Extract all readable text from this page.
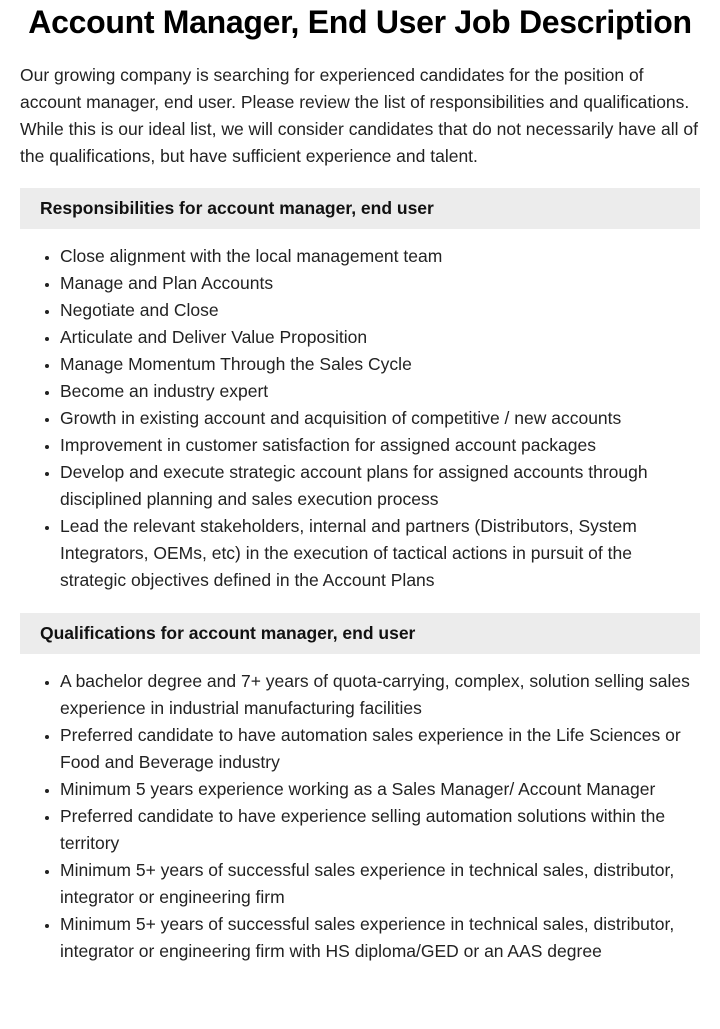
Account Manager, End User Job Description

Our growing company is searching for experienced candidates for the position of account manager, end user. Please review the list of responsibilities and qualifications. While this is our ideal list, we will consider candidates that do not necessarily have all of the qualifications, but have sufficient experience and talent.

Responsibilities for account manager, end user
• Close alignment with the local management team
• Manage and Plan Accounts
• Negotiate and Close
• Articulate and Deliver Value Proposition
• Manage Momentum Through the Sales Cycle
• Become an industry expert
• Growth in existing account and acquisition of competitive / new accounts
• Improvement in customer satisfaction for assigned account packages
• Develop and execute strategic account plans for assigned accounts through disciplined planning and sales execution process
• Lead the relevant stakeholders, internal and partners (Distributors, System Integrators, OEMs, etc) in the execution of tactical actions in pursuit of the strategic objectives defined in the Account Plans
Qualifications for account manager, end user
• A bachelor degree and 7+ years of quota-carrying, complex, solution selling sales experience in industrial manufacturing facilities
• Preferred candidate to have automation sales experience in the Life Sciences or Food and Beverage industry
• Minimum 5 years experience working as a Sales Manager/ Account Manager
• Preferred candidate to have experience selling automation solutions within the territory
• Minimum 5+ years of successful sales experience in technical sales, distributor, integrator or engineering firm
• Minimum 5+ years of successful sales experience in technical sales, distributor, integrator or engineering firm with HS diploma/GED or an AAS degree
